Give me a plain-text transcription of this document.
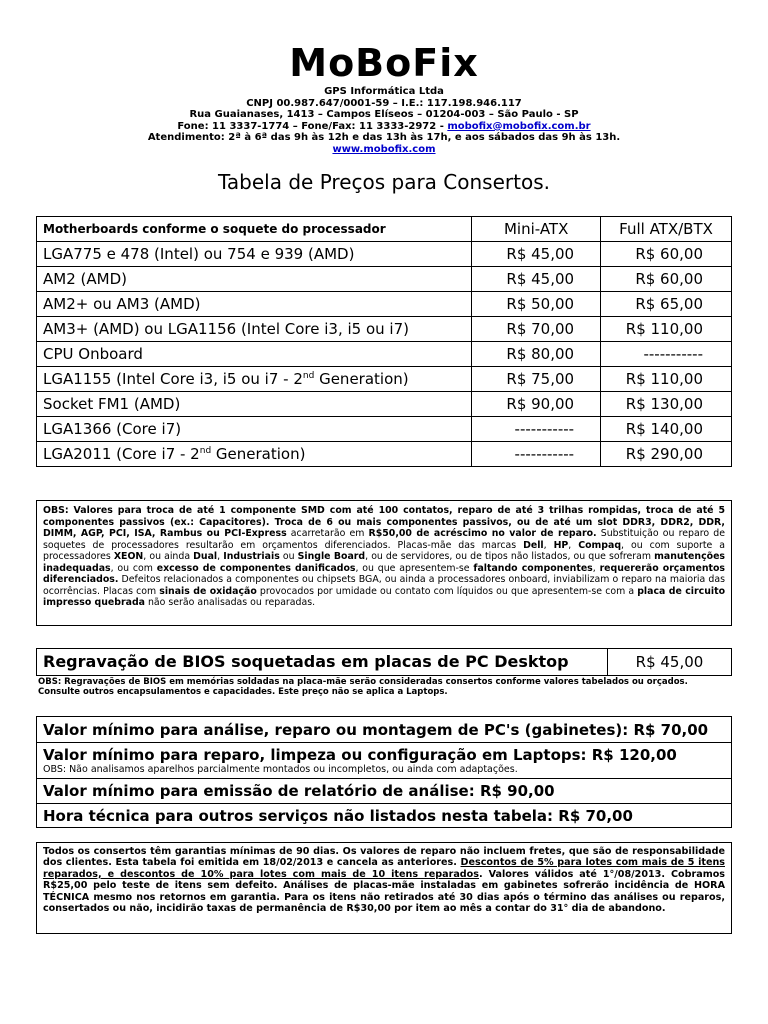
MoBoFix
GPS Informática Ltda
CNPJ 00.987.647/0001-59 – I.E.: 117.198.946.117
Rua Guaianases, 1413 – Campos Elíseos – 01204-003 – São Paulo - SP
Fone: 11 3337-1774 – Fone/Fax: 11 3333-2972 - mobofix@mobofix.com.br
Atendimento: 2ª à 6ª das 9h às 12h e das 13h às 17h, e aos sábados das 9h às 13h.
www.mobofix.com
Tabela de Preços para Consertos.
Motherboards conforme o soquete do processador	Mini-ATX	Full ATX/BTX
LGA775 e 478 (Intel) ou 754 e 939 (AMD)	R$ 45,00	R$ 60,00
AM2 (AMD)	R$ 45,00	R$ 60,00
AM2+ ou AM3 (AMD)	R$ 50,00	R$ 65,00
AM3+ (AMD) ou LGA1156 (Intel Core i3, i5 ou i7)	R$ 70,00	R$ 110,00
CPU Onboard	R$ 80,00	-----------
LGA1155 (Intel Core i3, i5 ou i7 - 2nd Generation)	R$ 75,00	R$ 110,00
Socket FM1 (AMD)	R$ 90,00	R$ 130,00
LGA1366 (Core i7)	-----------	R$ 140,00
LGA2011 (Core i7 - 2nd Generation)	-----------	R$ 290,00
OBS: Valores para troca de até 1 componente SMD com até 100 contatos, reparo de até 3 trilhas rompidas, troca de até 5 componentes passivos (ex.: Capacitores). Troca de 6 ou mais componentes passivos, ou de até um slot DDR3, DDR2, DDR, DIMM, AGP, PCI, ISA, Rambus ou PCI-Express acarretarão em R$50,00 de acréscimo no valor de reparo. Substituição ou reparo de soquetes de processadores resultarão em orçamentos diferenciados. Placas-mãe das marcas Dell, HP, Compaq, ou com suporte a processadores XEON, ou ainda Dual, Industriais ou Single Board, ou de servidores, ou de tipos não listados, ou que sofreram manutenções inadequadas, ou com excesso de componentes danificados, ou que apresentem-se faltando componentes, requererão orçamentos diferenciados. Defeitos relacionados a componentes ou chipsets BGA, ou ainda a processadores onboard, inviabilizam o reparo na maioria das ocorrências. Placas com sinais de oxidação provocados por umidade ou contato com líquidos ou que apresentem-se com a placa de circuito impresso quebrada não serão analisadas ou reparadas.
Regravação de BIOS soquetadas em placas de PC Desktop	R$ 45,00
OBS: Regravações de BIOS em memórias soldadas na placa-mãe serão consideradas consertos conforme valores tabelados ou orçados. Consulte outros encapsulamentos e capacidades. Este preço não se aplica a Laptops.
Valor mínimo para análise, reparo ou montagem de PC's (gabinetes): R$ 70,00
Valor mínimo para reparo, limpeza ou configuração em Laptops: R$ 120,00
OBS: Não analisamos aparelhos parcialmente montados ou incompletos, ou ainda com adaptações.
Valor mínimo para emissão de relatório de análise: R$ 90,00
Hora técnica para outros serviços não listados nesta tabela: R$ 70,00
Todos os consertos têm garantias mínimas de 90 dias. Os valores de reparo não incluem fretes, que são de responsabilidade dos clientes. Esta tabela foi emitida em 18/02/2013 e cancela as anteriores. Descontos de 5% para lotes com mais de 5 itens reparados, e descontos de 10% para lotes com mais de 10 itens reparados. Valores válidos até 1°/08/2013. Cobramos R$25,00 pelo teste de itens sem defeito. Análises de placas-mãe instaladas em gabinetes sofrerão incidência de HORA TÉCNICA mesmo nos retornos em garantia. Para os itens não retirados até 30 dias após o término das análises ou reparos, consertados ou não, incidirão taxas de permanência de R$30,00 por item ao mês a contar do 31° dia de abandono.
